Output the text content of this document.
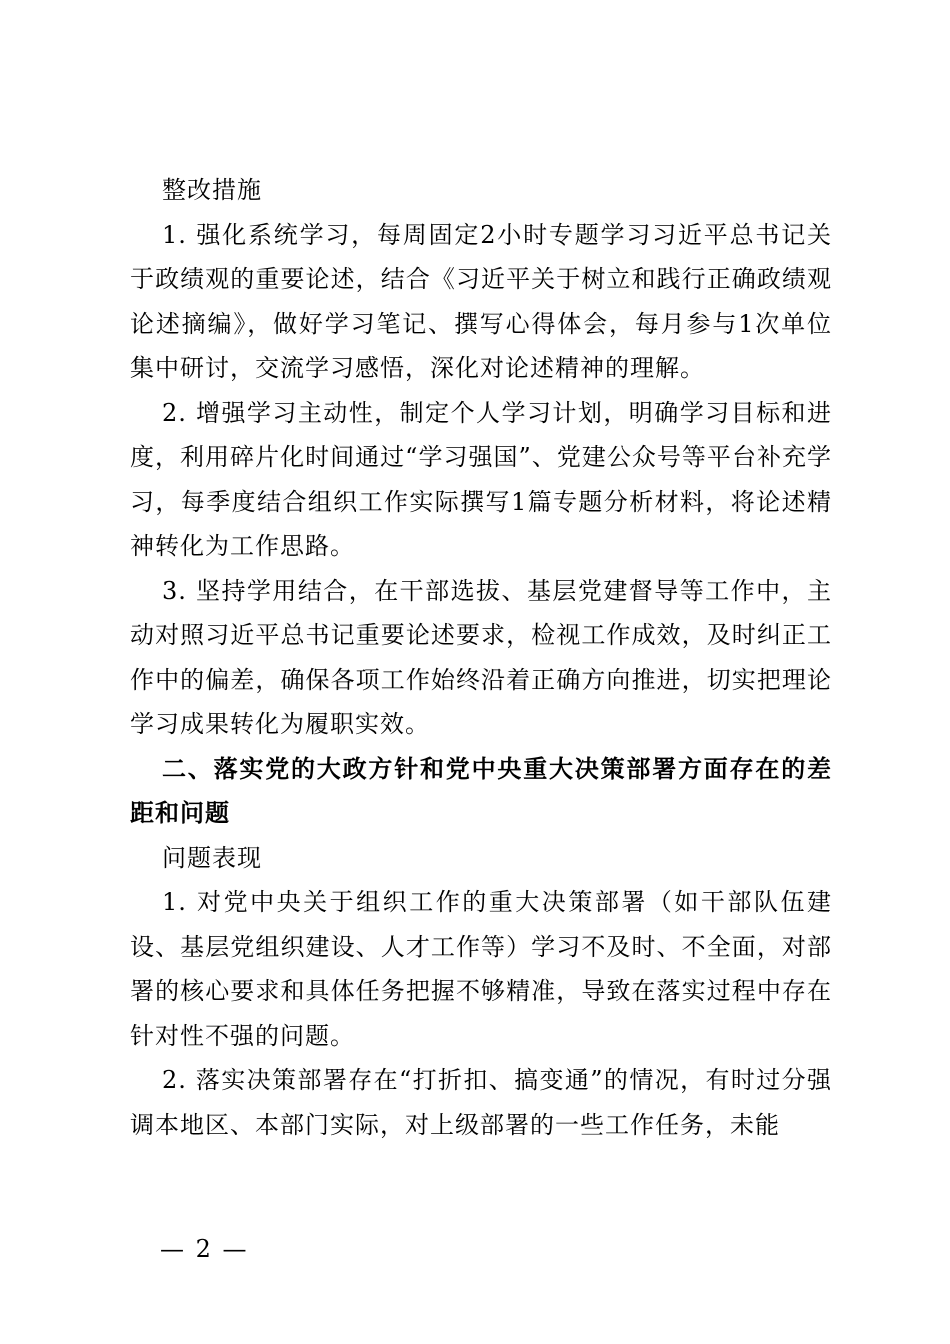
整改措施

1. 强化系统学习，每周固定2小时专题学习习近平总书记关于政绩观的重要论述，结合《习近平关于树立和践行正确政绩观论述摘编》，做好学习笔记、撰写心得体会，每月参与1次单位集中研讨，交流学习感悟，深化对论述精神的理解。

2. 增强学习主动性，制定个人学习计划，明确学习目标和进度，利用碎片化时间通过“学习强国”、党建公众号等平台补充学习，每季度结合组织工作实际撰写1篇专题分析材料，将论述精神转化为工作思路。

3. 坚持学用结合，在干部选拔、基层党建督导等工作中，主动对照习近平总书记重要论述要求，检视工作成效，及时纠正工作中的偏差，确保各项工作始终沿着正确方向推进，切实把理论学习成果转化为履职实效。

二、落实党的大政方针和党中央重大决策部署方面存在的差距和问题

问题表现

1. 对党中央关于组织工作的重大决策部署（如干部队伍建设、基层党组织建设、人才工作等）学习不及时、不全面，对部署的核心要求和具体任务把握不够精准，导致在落实过程中存在针对性不强的问题。

2. 落实决策部署存在“打折扣、搞变通”的情况，有时过分强调本地区、本部门实际，对上级部署的一些工作任务，未能

— 2 —
